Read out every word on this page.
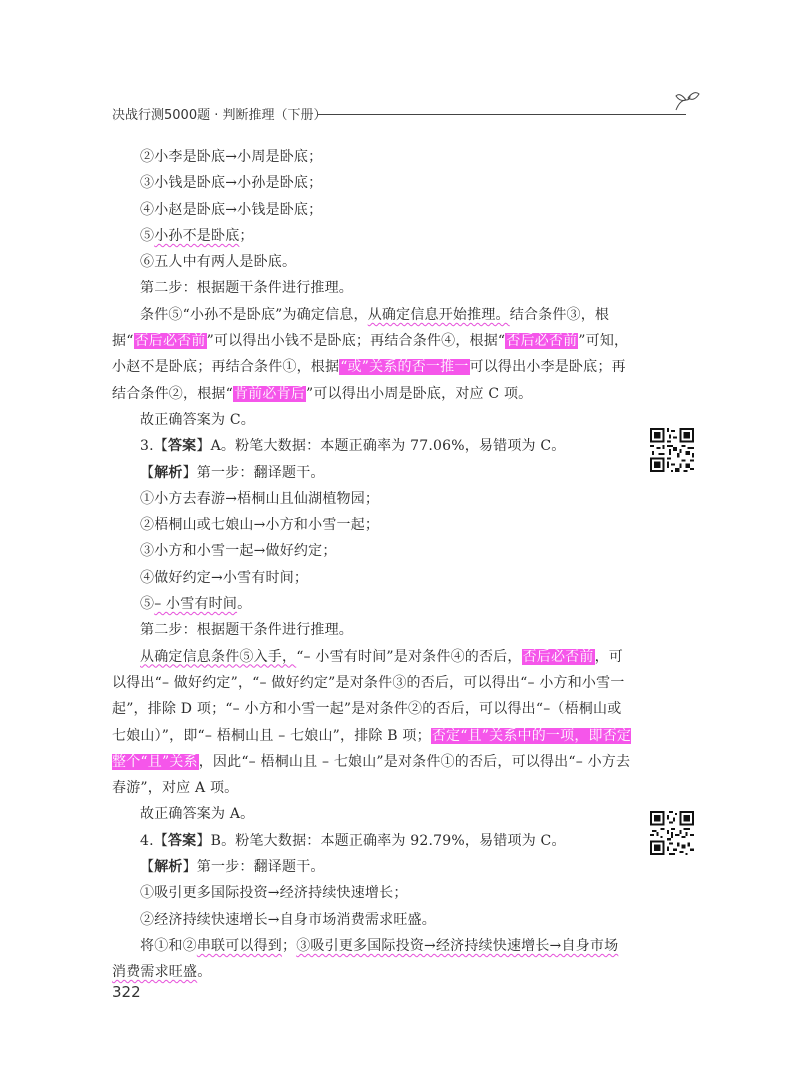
决战行测5000题 · 判断推理（下册）

②小李是卧底→小周是卧底；

③小钱是卧底→小孙是卧底；

④小赵是卧底→小钱是卧底；

⑤小孙不是卧底；

⑥五人中有两人是卧底。

第二步：根据题干条件进行推理。

条件⑤“小孙不是卧底”为确定信息，从确定信息开始推理。结合条件③，根据“否后必否前”可以得出小钱不是卧底；再结合条件④，根据“否后必否前”可知，小赵不是卧底；再结合条件①，根据“或”关系的否一推一可以得出小李是卧底；再结合条件②，根据“肯前必肯后”可以得出小周是卧底，对应 C 项。

故正确答案为 C。

3.【答案】A。粉笔大数据：本题正确率为 77.06%，易错项为 C。

【解析】第一步：翻译题干。

①小方去春游→梧桐山且仙湖植物园；

②梧桐山或七娘山→小方和小雪一起；

③小方和小雪一起→做好约定；

④做好约定→小雪有时间；

⑤– 小雪有时间。

第二步：根据题干条件进行推理。

从确定信息条件⑤入手，“– 小雪有时间”是对条件④的否后，否后必否前，可以得出“– 做好约定”，“– 做好约定”是对条件③的否后，可以得出“– 小方和小雪一起”，排除 D 项；“– 小方和小雪一起”是对条件②的否后，可以得出“–（梧桐山或七娘山）”，即“– 梧桐山且 – 七娘山”，排除 B 项；否定“且”关系中的一项，即否定整个“且”关系，因此“– 梧桐山且 – 七娘山”是对条件①的否后，可以得出“– 小方去春游”，对应 A 项。

故正确答案为 A。

4.【答案】B。粉笔大数据：本题正确率为 92.79%，易错项为 C。

【解析】第一步：翻译题干。

①吸引更多国际投资→经济持续快速增长；

②经济持续快速增长→自身市场消费需求旺盛。

将①和②串联可以得到；③吸引更多国际投资→经济持续快速增长→自身市场消费需求旺盛。

322
